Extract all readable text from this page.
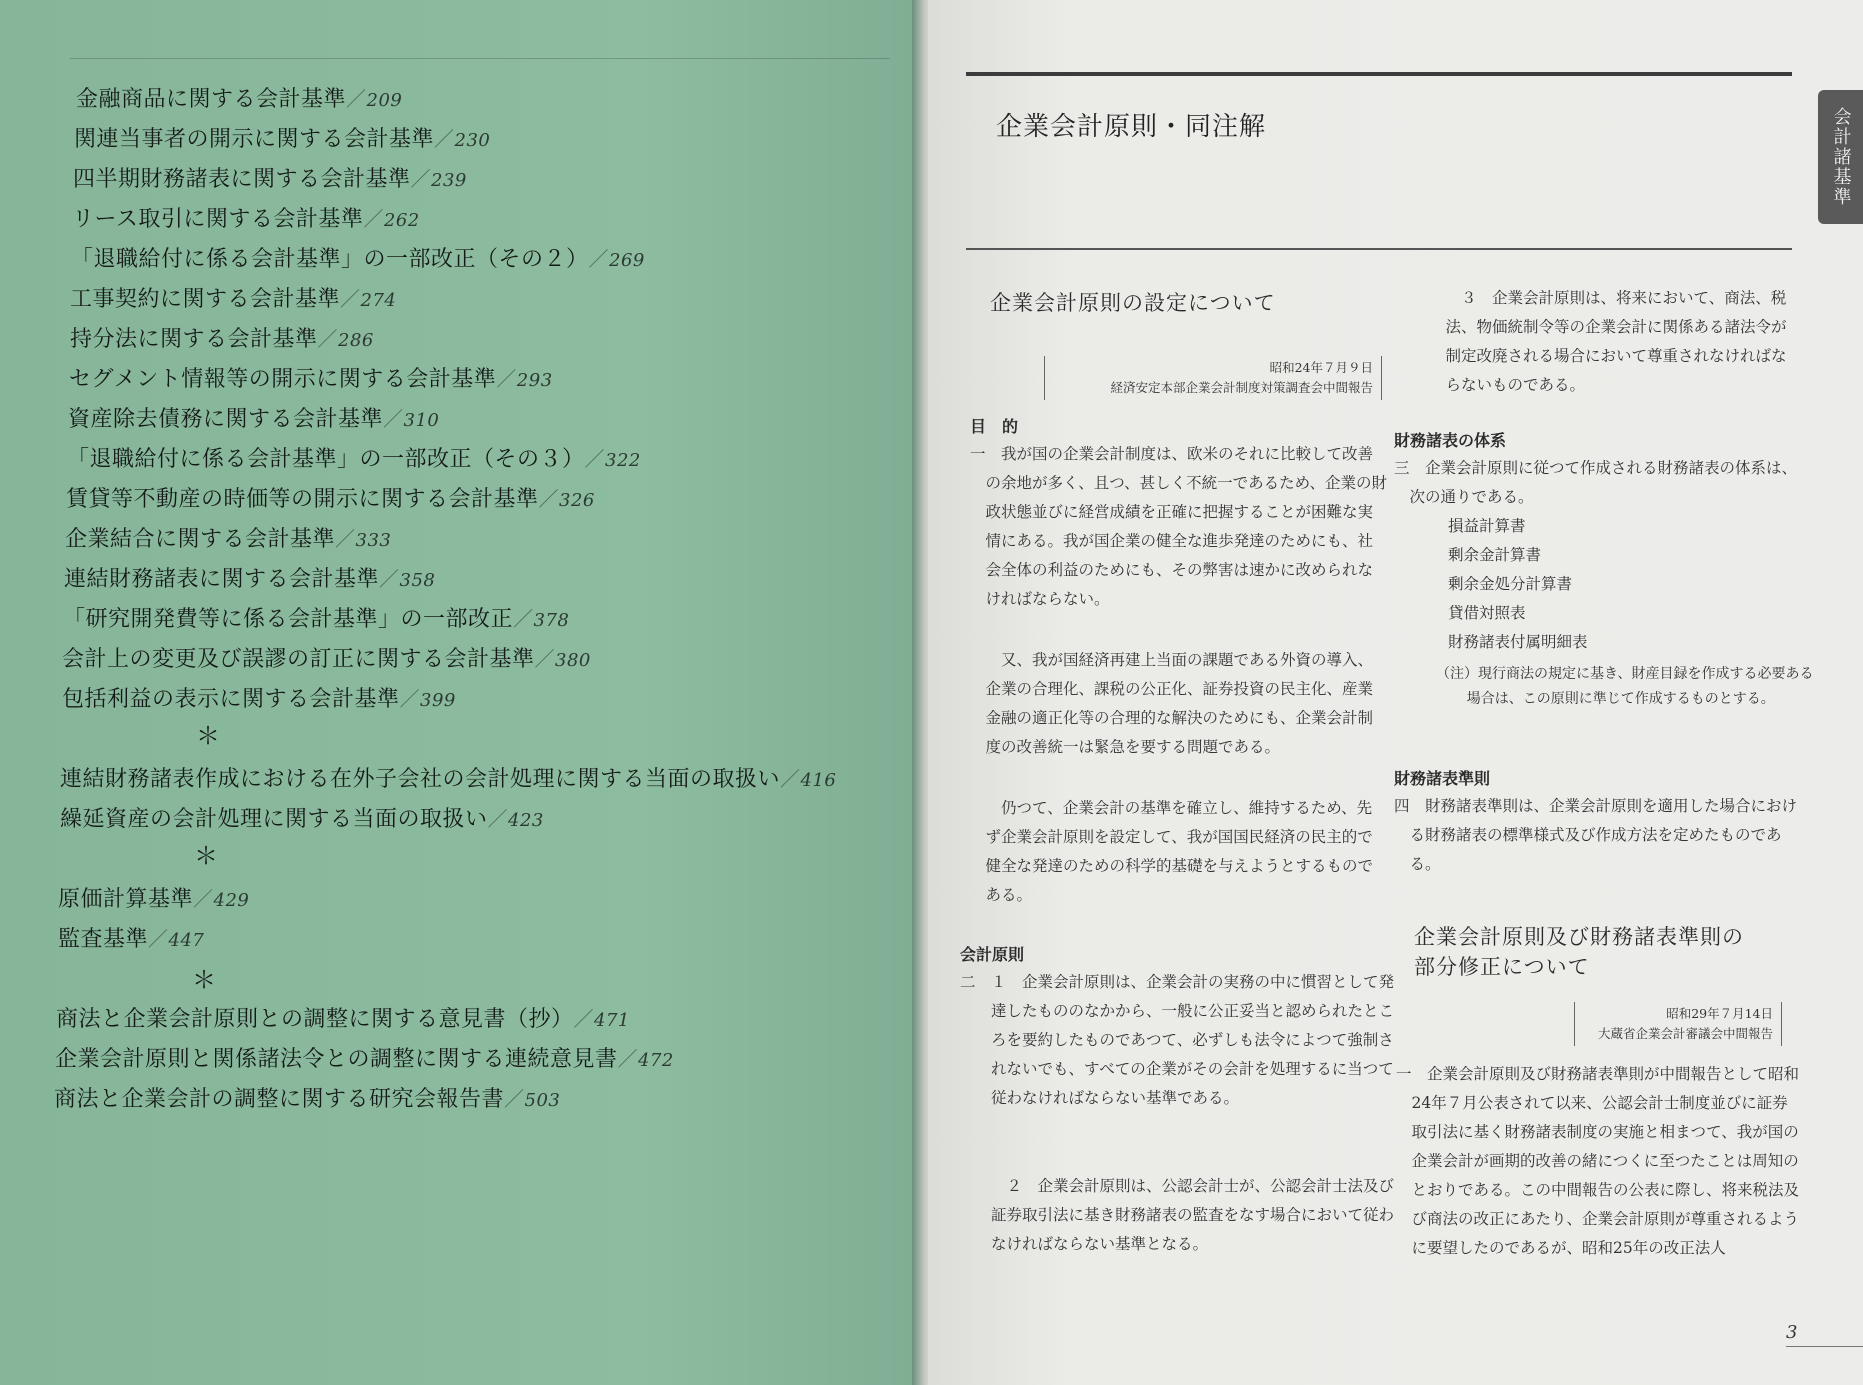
金融商品に関する会計基準／209
関連当事者の開示に関する会計基準／230
四半期財務諸表に関する会計基準／239
リース取引に関する会計基準／262
「退職給付に係る会計基準」の一部改正（その２）／269
工事契約に関する会計基準／274
持分法に関する会計基準／286
セグメント情報等の開示に関する会計基準／293
資産除去債務に関する会計基準／310
「退職給付に係る会計基準」の一部改正（その３）／322
賃貸等不動産の時価等の開示に関する会計基準／326
企業結合に関する会計基準／333
連結財務諸表に関する会計基準／358
「研究開発費等に係る会計基準」の一部改正／378
会計上の変更及び誤謬の訂正に関する会計基準／380
包括利益の表示に関する会計基準／399
連結財務諸表作成における在外子会社の会計処理に関する当面の取扱い／416
繰延資産の会計処理に関する当面の取扱い／423
原価計算基準／429
監査基準／447
商法と企業会計原則との調整に関する意見書（抄）／471
企業会計原則と関係諸法令との調整に関する連続意見書／472
商法と企業会計の調整に関する研究会報告書／503
＊
＊
＊
企業会計原則・同注解	会計諸基準
企業会計原則の設定について
昭和24年７月９日
経済安定本部企業会計制度対策調査会中間報告
目　的
一　我が国の企業会計制度は、欧米のそれに比較して改善の余地が多く、且つ、甚しく不統一であるため、企業の財政状態並びに経営成績を正確に把握することが困難な実情にある。我が国企業の健全な進歩発達のためにも、社会全体の利益のためにも、その弊害は速かに改められなければならない。
又、我が国経済再建上当面の課題である外資の導入、企業の合理化、課税の公正化、証券投資の民主化、産業金融の適正化等の合理的な解決のためにも、企業会計制度の改善統一は緊急を要する問題である。
仍つて、企業会計の基準を確立し、維持するため、先ず企業会計原則を設定して、我が国国民経済の民主的で健全な発達のための科学的基礎を与えようとするものである。
会計原則
二　１　企業会計原則は、企業会計の実務の中に慣習として発達したもののなかから、一般に公正妥当と認められたところを要約したものであつて、必ずしも法令によつて強制されないでも、すべての企業がその会計を処理するに当つて従わなければならない基準である。
２　企業会計原則は、公認会計士が、公認会計士法及び証券取引法に基き財務諸表の監査をなす場合において従わなければならない基準となる。
３　企業会計原則は、将来において、商法、税法、物価統制令等の企業会計に関係ある諸法令が制定改廃される場合において尊重されなければならないものである。
財務諸表の体系
三　企業会計原則に従つて作成される財務諸表の体系は、次の通りである。
損益計算書
剰余金計算書
剰余金処分計算書
貸借対照表
財務諸表付属明細表
（注）現行商法の規定に基き、財産目録を作成する必要ある場合は、この原則に準じて作成するものとする。
財務諸表準則
四　財務諸表準則は、企業会計原則を適用した場合における財務諸表の標準様式及び作成方法を定めたものである。
企業会計原則及び財務諸表準則の
部分修正について
昭和29年７月14日
大蔵省企業会計審議会中間報告
一　企業会計原則及び財務諸表準則が中間報告として昭和24年７月公表されて以来、公認会計士制度並びに証券取引法に基く財務諸表制度の実施と相まつて、我が国の企業会計が画期的改善の緒につくに至つたことは周知のとおりである。この中間報告の公表に際し、将来税法及び商法の改正にあたり、企業会計原則が尊重されるように要望したのであるが、昭和25年の改正法人
3
